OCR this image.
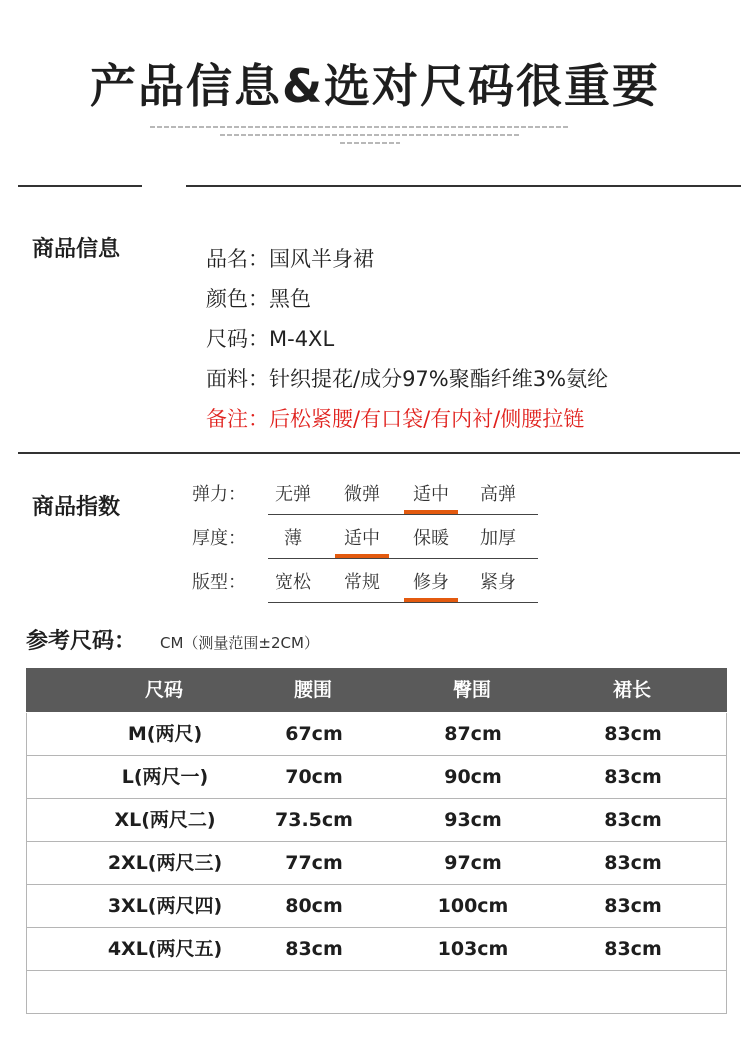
产品信息&选对尺码很重要
商品信息	品名：国风半身裙
颜色：黑色
尺码：M-4XL
面料：针织提花/成分97%聚酯纤维3%氨纶
备注：后松紧腰/有口袋/有内衬/侧腰拉链
商品指数
弹力：	无弹	微弹	适中	高弹
厚度：	薄	适中	保暖	加厚
版型：	宽松	常规	修身	紧身
参考尺码： CM（测量范围±2CM）
尺码	腰围	臀围	裙长
M(两尺)	67cm	87cm	83cm
L(两尺一)	70cm	90cm	83cm
XL(两尺二)	73.5cm	93cm	83cm
2XL(两尺三)	77cm	97cm	83cm
3XL(两尺四)	80cm	100cm	83cm
4XL(两尺五)	83cm	103cm	83cm
